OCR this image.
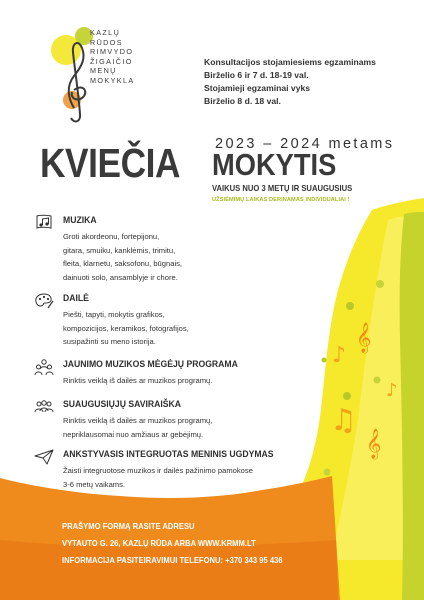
𝄞
𝄞
♪
♪
♫
KAZLŲ
RŪDOS
RIMVYDO
ŽIGAIČIO
MENŲ
MOKYKLA
Konsultacijos stojamiesiems egzaminams
Birželio 6 ir 7 d. 18-19 val.
Stojamieji egzaminai vyks
Birželio 8 d. 18 val.
2023 – 2024 metams
KVIEČIA MOKYTIS
VAIKUS NUO 3 METŲ IR SUAUGUSIUS
UŽSIĖMIMŲ LAIKAS DERINAMAS INDIVIDUALIAI !
MUZIKA
Groti akordeonu, fortepijonu,
gitara, smuiku, kanklėmis, trimitu,
fleita, klarnetu, saksofonu, būgnais,
dainuoti solo, ansamblyje ir chore.
DAILĖ
Piešti, tapyti, mokytis grafikos,
kompozicijos, keramikos, fotografijos,
susipažinti su meno istorija.
JAUNIMO MUZIKOS MĖGĖJŲ PROGRAMA
Rinktis veiklą iš dailės ar muzikos programų.
SUAUGUSIŲJŲ SAVIRAIŠKA
Rinktis veiklą iš dailės ar muzikos programų,
nepriklausomai nuo amžiaus ar gebėjimų.
ANKSTYVASIS INTEGRUOTAS MENINIS UGDYMAS
Žaisti integruotose muzikos ir dailės pažinimo pamokose
3-6 metų vaikams.
PRAŠYMO FORMĄ RASITE ADRESU
VYTAUTO G. 26, KAZLŲ RŪDA ARBA WWW.KRMM.LT
INFORMACIJA PASITEIRAVIMUI TELEFONU: +370 343 95 436
